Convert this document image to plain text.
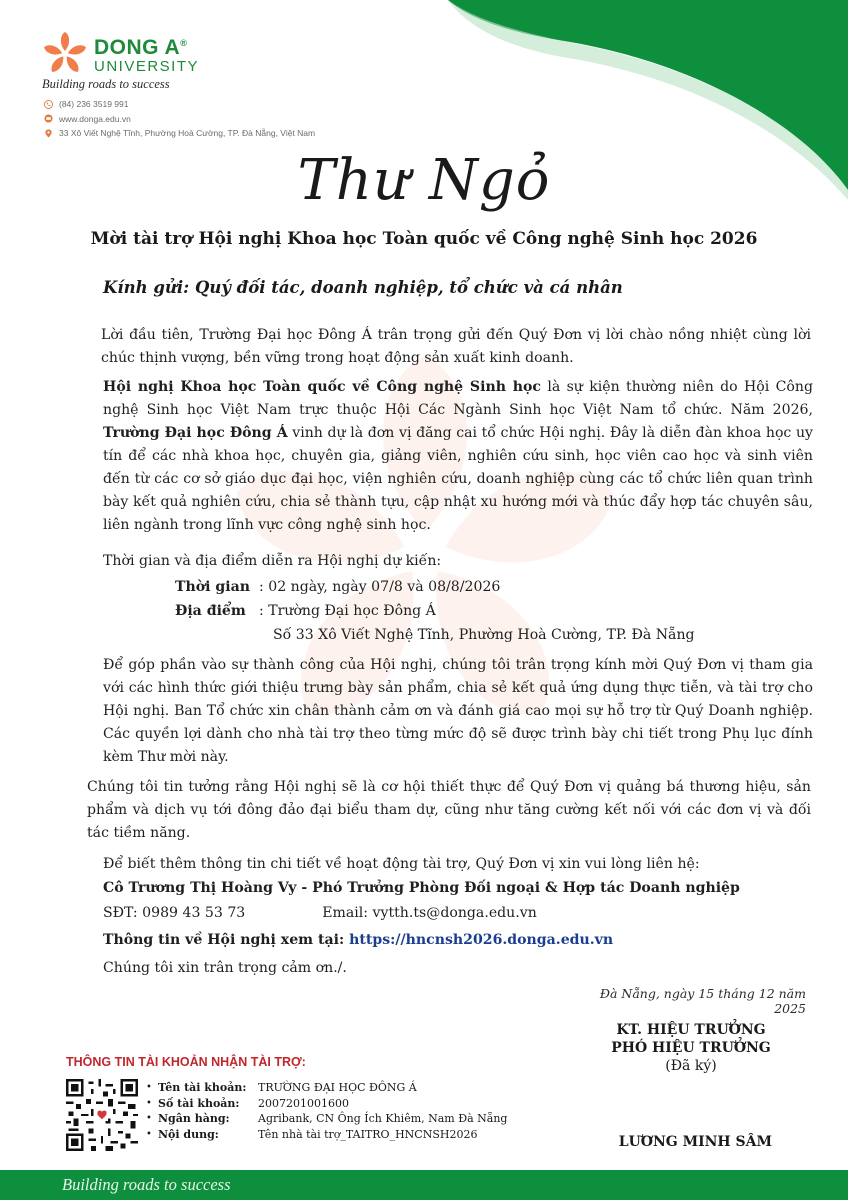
DONG A®
UNIVERSITY
Building roads to success
(84) 236 3519 991
www.donga.edu.vn
33 Xô Viết Nghệ Tĩnh, Phường Hoà Cường, TP. Đà Nẵng, Việt Nam
Thư Ngỏ
Mời tài trợ Hội nghị Khoa học Toàn quốc về Công nghệ Sinh học 2026
Kính gửi: Quý đối tác, doanh nghiệp, tổ chức và cá nhân

Lời đầu tiên, Trường Đại học Đông Á trân trọng gửi đến Quý Đơn vị lời chào nồng nhiệt cùng lời chúc thịnh vượng, bền vững trong hoạt động sản xuất kinh doanh.

Hội nghị Khoa học Toàn quốc về Công nghệ Sinh học là sự kiện thường niên do Hội Công nghệ Sinh học Việt Nam trực thuộc Hội Các Ngành Sinh học Việt Nam tổ chức. Năm 2026, Trường Đại học Đông Á vinh dự là đơn vị đăng cai tổ chức Hội nghị. Đây là diễn đàn khoa học uy tín để các nhà khoa học, chuyên gia, giảng viên, nghiên cứu sinh, học viên cao học và sinh viên đến từ các cơ sở giáo dục đại học, viện nghiên cứu, doanh nghiệp cùng các tổ chức liên quan trình bày kết quả nghiên cứu, chia sẻ thành tựu, cập nhật xu hướng mới và thúc đẩy hợp tác chuyên sâu, liên ngành trong lĩnh vực công nghệ sinh học.

Thời gian và địa điểm diễn ra Hội nghị dự kiến:

Thời gian : 02 ngày, ngày 07/8 và 08/8/2026
Địa điểm : Trường Đại học Đông Á
Số 33 Xô Viết Nghệ Tĩnh, Phường Hoà Cường, TP. Đà Nẵng

Để góp phần vào sự thành công của Hội nghị, chúng tôi trân trọng kính mời Quý Đơn vị tham gia với các hình thức giới thiệu trưng bày sản phẩm, chia sẻ kết quả ứng dụng thực tiễn, và tài trợ cho Hội nghị. Ban Tổ chức xin chân thành cảm ơn và đánh giá cao mọi sự hỗ trợ từ Quý Doanh nghiệp. Các quyền lợi dành cho nhà tài trợ theo từng mức độ sẽ được trình bày chi tiết trong Phụ lục đính kèm Thư mời này.

Chúng tôi tin tưởng rằng Hội nghị sẽ là cơ hội thiết thực để Quý Đơn vị quảng bá thương hiệu, sản phẩm và dịch vụ tới đông đảo đại biểu tham dự, cũng như tăng cường kết nối với các đơn vị và đối tác tiềm năng.

Để biết thêm thông tin chi tiết về hoạt động tài trợ, Quý Đơn vị xin vui lòng liên hệ:

Cô Trương Thị Hoàng Vy - Phó Trưởng Phòng Đối ngoại & Hợp tác Doanh nghiệp

SĐT: 0989 43 53 73	Email: vytth.ts@donga.edu.vn
Thông tin về Hội nghị xem tại: https://hncnsh2026.donga.edu.vn

Chúng tôi xin trân trọng cảm ơn./.

Đà Nẵng, ngày 15 tháng 12 năm 2025
KT. HIỆU TRƯỞNG
PHÓ HIỆU TRƯỞNG
(Đã ký)
LƯƠNG MINH SÂM
THÔNG TIN TÀI KHOẢN NHẬN TÀI TRỢ:
• Tên tài khoản:	TRƯỜNG ĐẠI HỌC ĐÔNG Á
• Số tài khoản:	2007201001600
• Ngân hàng:	Agribank, CN Ông Ích Khiêm, Nam Đà Nẵng
• Nội dung:	Tên nhà tài trợ_TAITRO_HNCNSH2026
Building roads to success
